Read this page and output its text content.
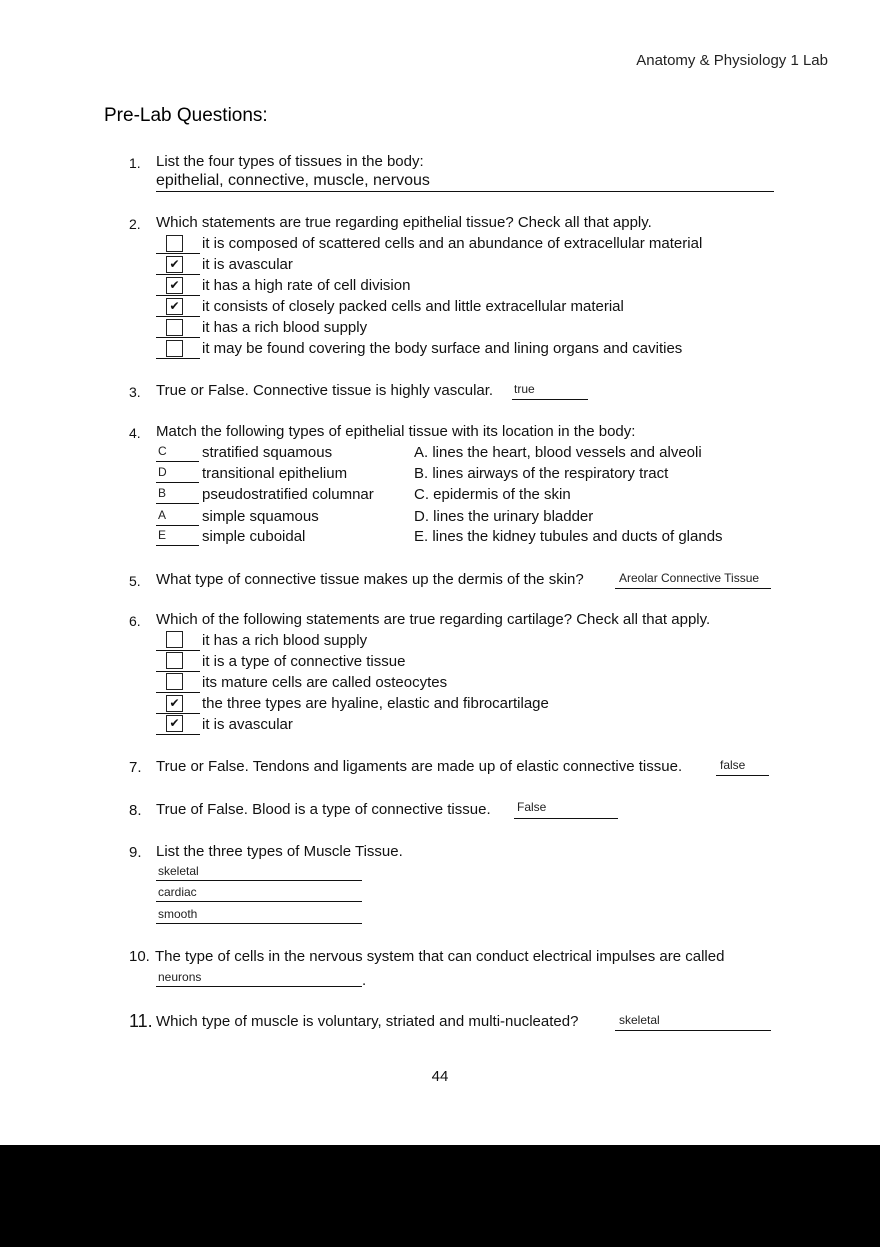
Anatomy & Physiology 1 Lab
Pre-Lab Questions:
1. List the four types of tissues in the body:
epithelial, connective, muscle, nervous
2. Which statements are true regarding epithelial tissue? Check all that apply.
it is composed of scattered cells and an abundance of extracellular material
✔ it is avascular
✔ it has a high rate of cell division
✔ it consists of closely packed cells and little extracellular material
it has a rich blood supply
it may be found covering the body surface and lining organs and cavities
3. True or False. Connective tissue is highly vascular. true
4. Match the following types of epithelial tissue with its location in the body:
C stratified squamous	A. lines the heart, blood vessels and alveoli
D transitional epithelium	B. lines airways of the respiratory tract
B pseudostratified columnar	C. epidermis of the skin
A simple squamous	D. lines the urinary bladder
E simple cuboidal	E. lines the kidney tubules and ducts of glands
5. What type of connective tissue makes up the dermis of the skin?	Areolar Connective Tissue
6. Which of the following statements are true regarding cartilage? Check all that apply.
it has a rich blood supply
it is a type of connective tissue
its mature cells are called osteocytes
✔ the three types are hyaline, elastic and fibrocartilage
✔ it is avascular
7. True or False. Tendons and ligaments are made up of elastic connective tissue.	false
8. True of False. Blood is a type of connective tissue. False
9. List the three types of Muscle Tissue.
skeletal
cardiac
smooth
10. The type of cells in the nervous system that can conduct electrical impulses are called
neurons	.
11. Which type of muscle is voluntary, striated and multi-nucleated?	skeletal
44
